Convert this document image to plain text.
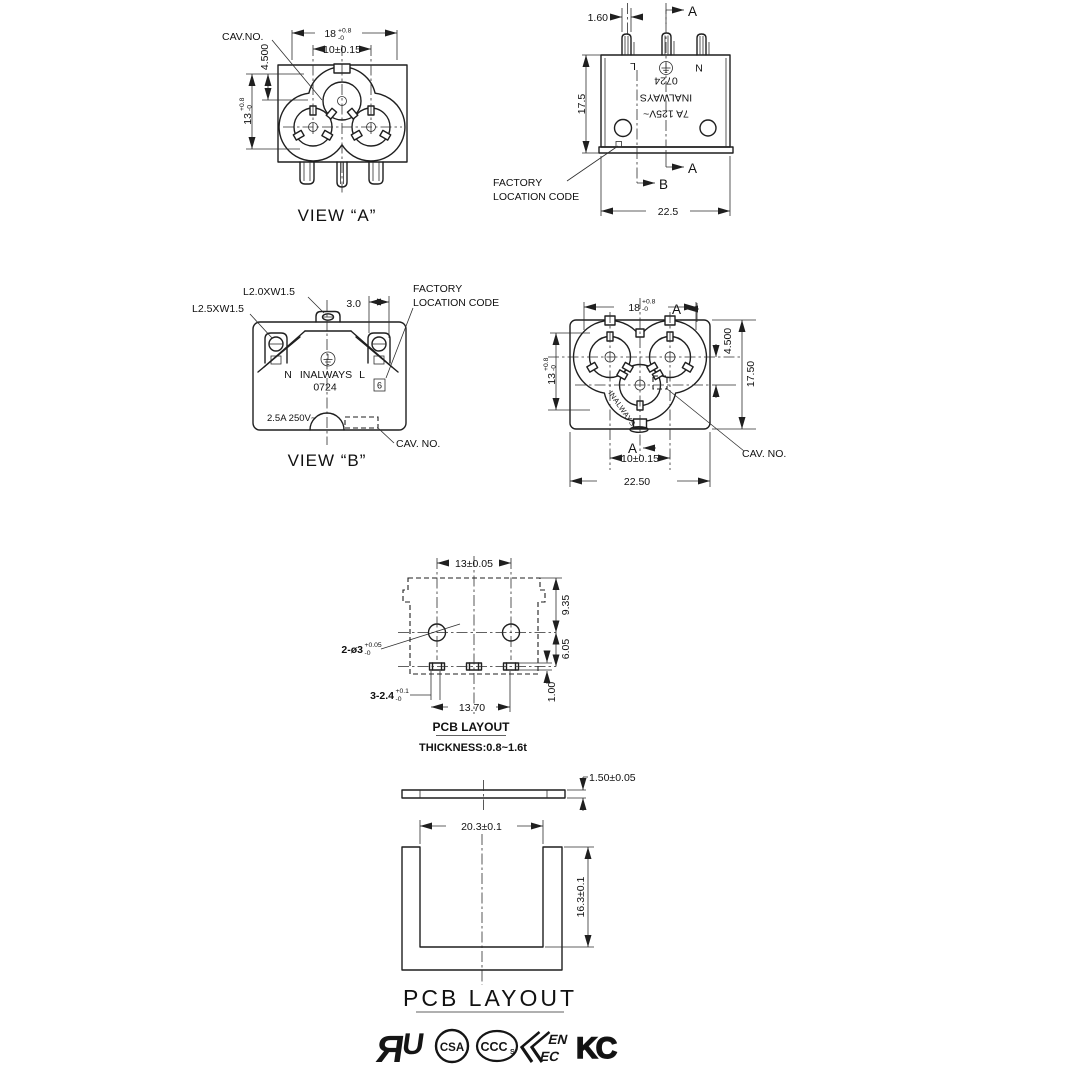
18 +0.8
-0
10±0.15
4.500
13
+0.8 -0
CAV.NO.
VIEW “A”
A
A
B
1.60
17.5
22.5
L	N
0724
INALWAYS
7A 125V~
FACTORY
LOCATION CODE
6
N INALWAYS L
0724
2.5A 250V~
L2.0XW1.5
L2.5XW1.5	3.0
FACTORY
LOCATION CODE
CAV. NO.
VIEW “B”
INALWAYS
18 +0.8
-0 A
A
4.500
17.50
13
+0.8 -0
10±0.15
22.50
CAV. NO.
13±0.05
9.35
6.05
1.00
13.70
2-ø3 +0.05
-0
3-2.4 +0.1
-0
PCB LAYOUT
THICKNESS:0.8~1.6t
1.50±0.05
20.3±0.1
16.3±0.1
PCB LAYOUT
Я
U CSA CCC S
EN
EC KC
